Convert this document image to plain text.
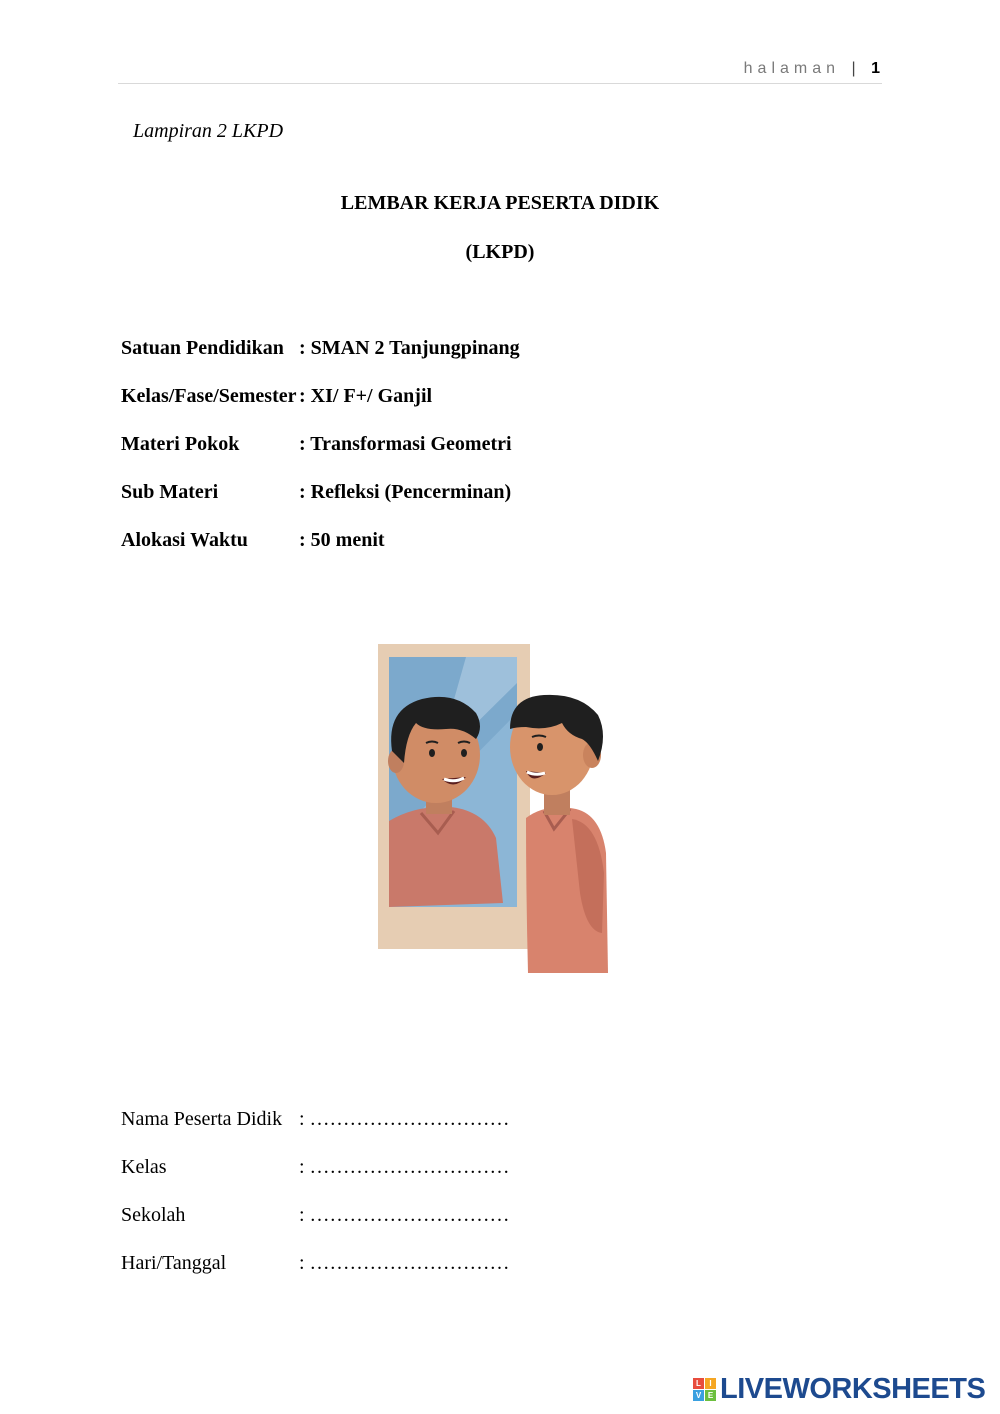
halaman | 1
Lampiran 2 LKPD
LEMBAR KERJA PESERTA DIDIK
(LKPD)
Satuan Pendidikan : SMAN 2 Tanjungpinang
Kelas/Fase/Semester : XI/ F+/ Ganjil
Materi Pokok	: Transformasi Geometri
Sub Materi	: Refleksi (Pencerminan)
Alokasi Waktu	: 50 menit
Nama Peserta Didik : …………………………
Kelas	: …………………………
Sekolah	: …………………………
Hari/Tanggal	: …………………………
L	I
V E LIVEWORKSHEETS
